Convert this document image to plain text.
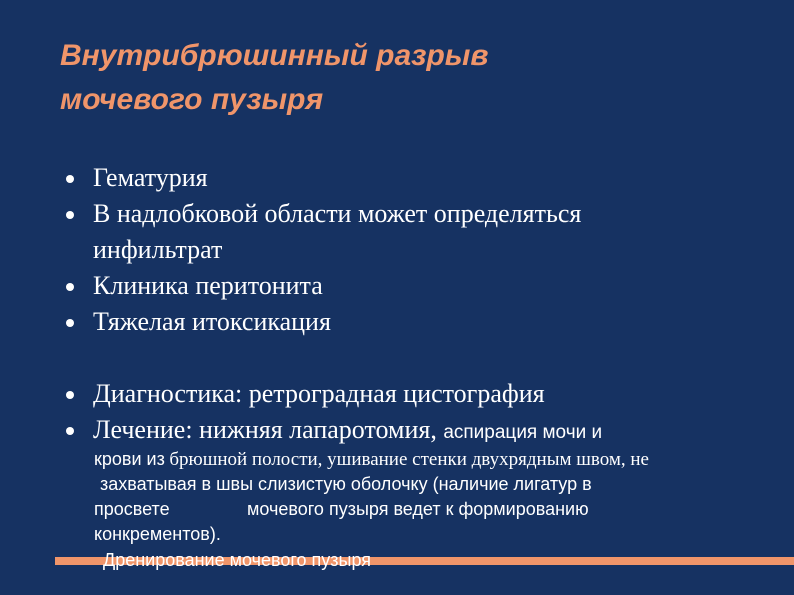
Внутрибрюшинный разрыв
мочевого пузыря
Гематурия
В надлобковой области может определяться
инфильтрат
Клиника перитонита
Тяжелая итоксикация
Диагностика: ретроградная цистография
Лечение: нижняя лапаротомия, аспирация мочи и
крови из брюшной полости, ушивание стенки двухрядным швом, не
захватывая в швы слизистую оболочку (наличие лигатур в
просвете	мочевого пузыря ведет к формированию
конкрементов).
Дренирование мочевого пузыря
